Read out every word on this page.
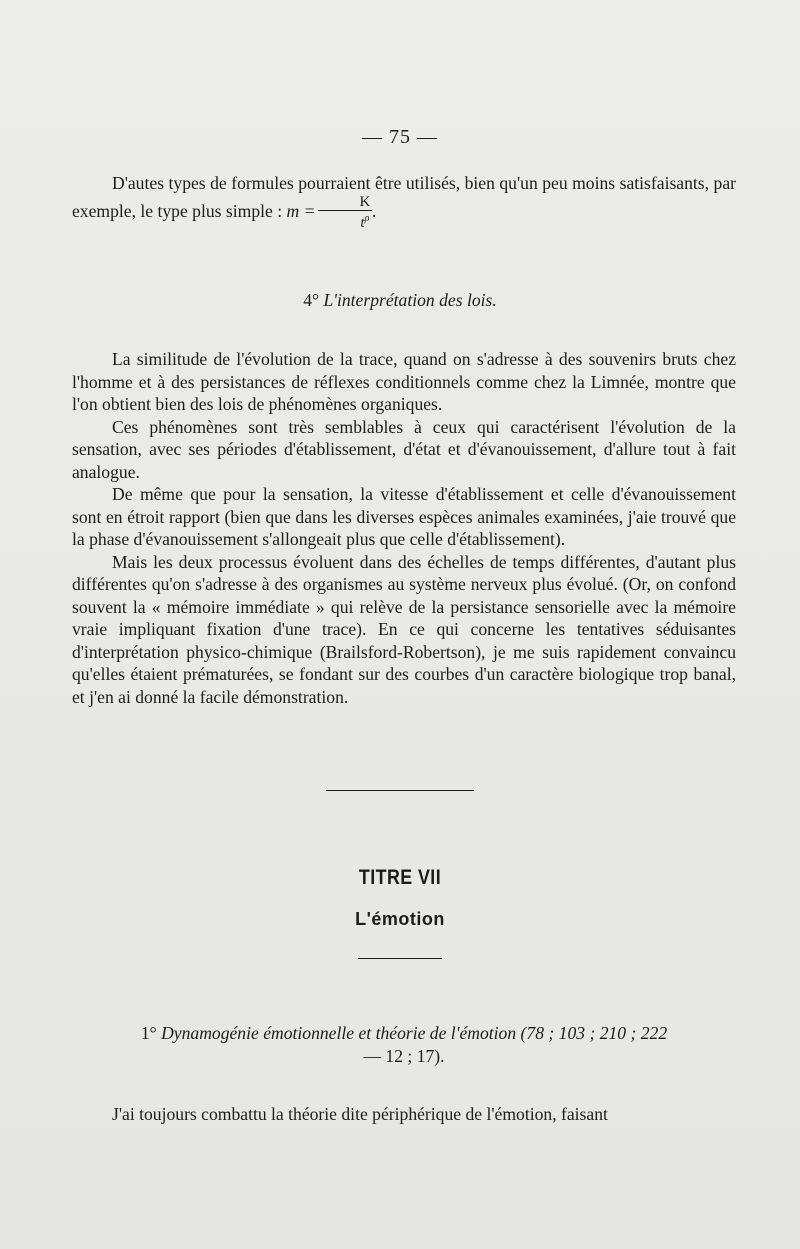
— 75 —

D'autes types de formules pourraient être utilisés, bien qu'un peu moins satisfaisants, par exemple, le type plus simple : $m = \frac{K}{t^\rho}$ .

4° L'interprétation des lois.

La similitude de l'évolution de la trace, quand on s'adresse à des souvenirs bruts chez l'homme et à des persistances de réflexes conditionnels comme chez la Limnée, montre que l'on obtient bien des lois de phénomènes organiques.

Ces phénomènes sont très semblables à ceux qui caractérisent l'évolution de la sensation, avec ses périodes d'établissement, d'état et d'évanouissement, d'allure tout à fait analogue.

De même que pour la sensation, la vitesse d'établissement et celle d'évanouissement sont en étroit rapport (bien que dans les diverses espèces animales examinées, j'aie trouvé que la phase d'évanouissement s'allongeait plus que celle d'établissement).

Mais les deux processus évoluent dans des échelles de temps différentes, d'autant plus différentes qu'on s'adresse à des organismes au système nerveux plus évolué. (Or, on confond souvent la « mémoire immédiate » qui relève de la persistance sensorielle avec la mémoire vraie impliquant fixation d'une trace). En ce qui concerne les tentatives séduisantes d'interprétation physico-chimique (Brailsford-Robertson), je me suis rapidement convaincu qu'elles étaient prématurées, se fondant sur des courbes d'un caractère biologique trop banal, et j'en ai donné la facile démonstration.

TITRE VII
L'émotion
1° Dynamogénie émotionnelle et théorie de l'émotion (78 ; 103 ; 210 ; 222
— 12 ; 17).

J'ai toujours combattu la théorie dite périphérique de l'émotion, faisant
